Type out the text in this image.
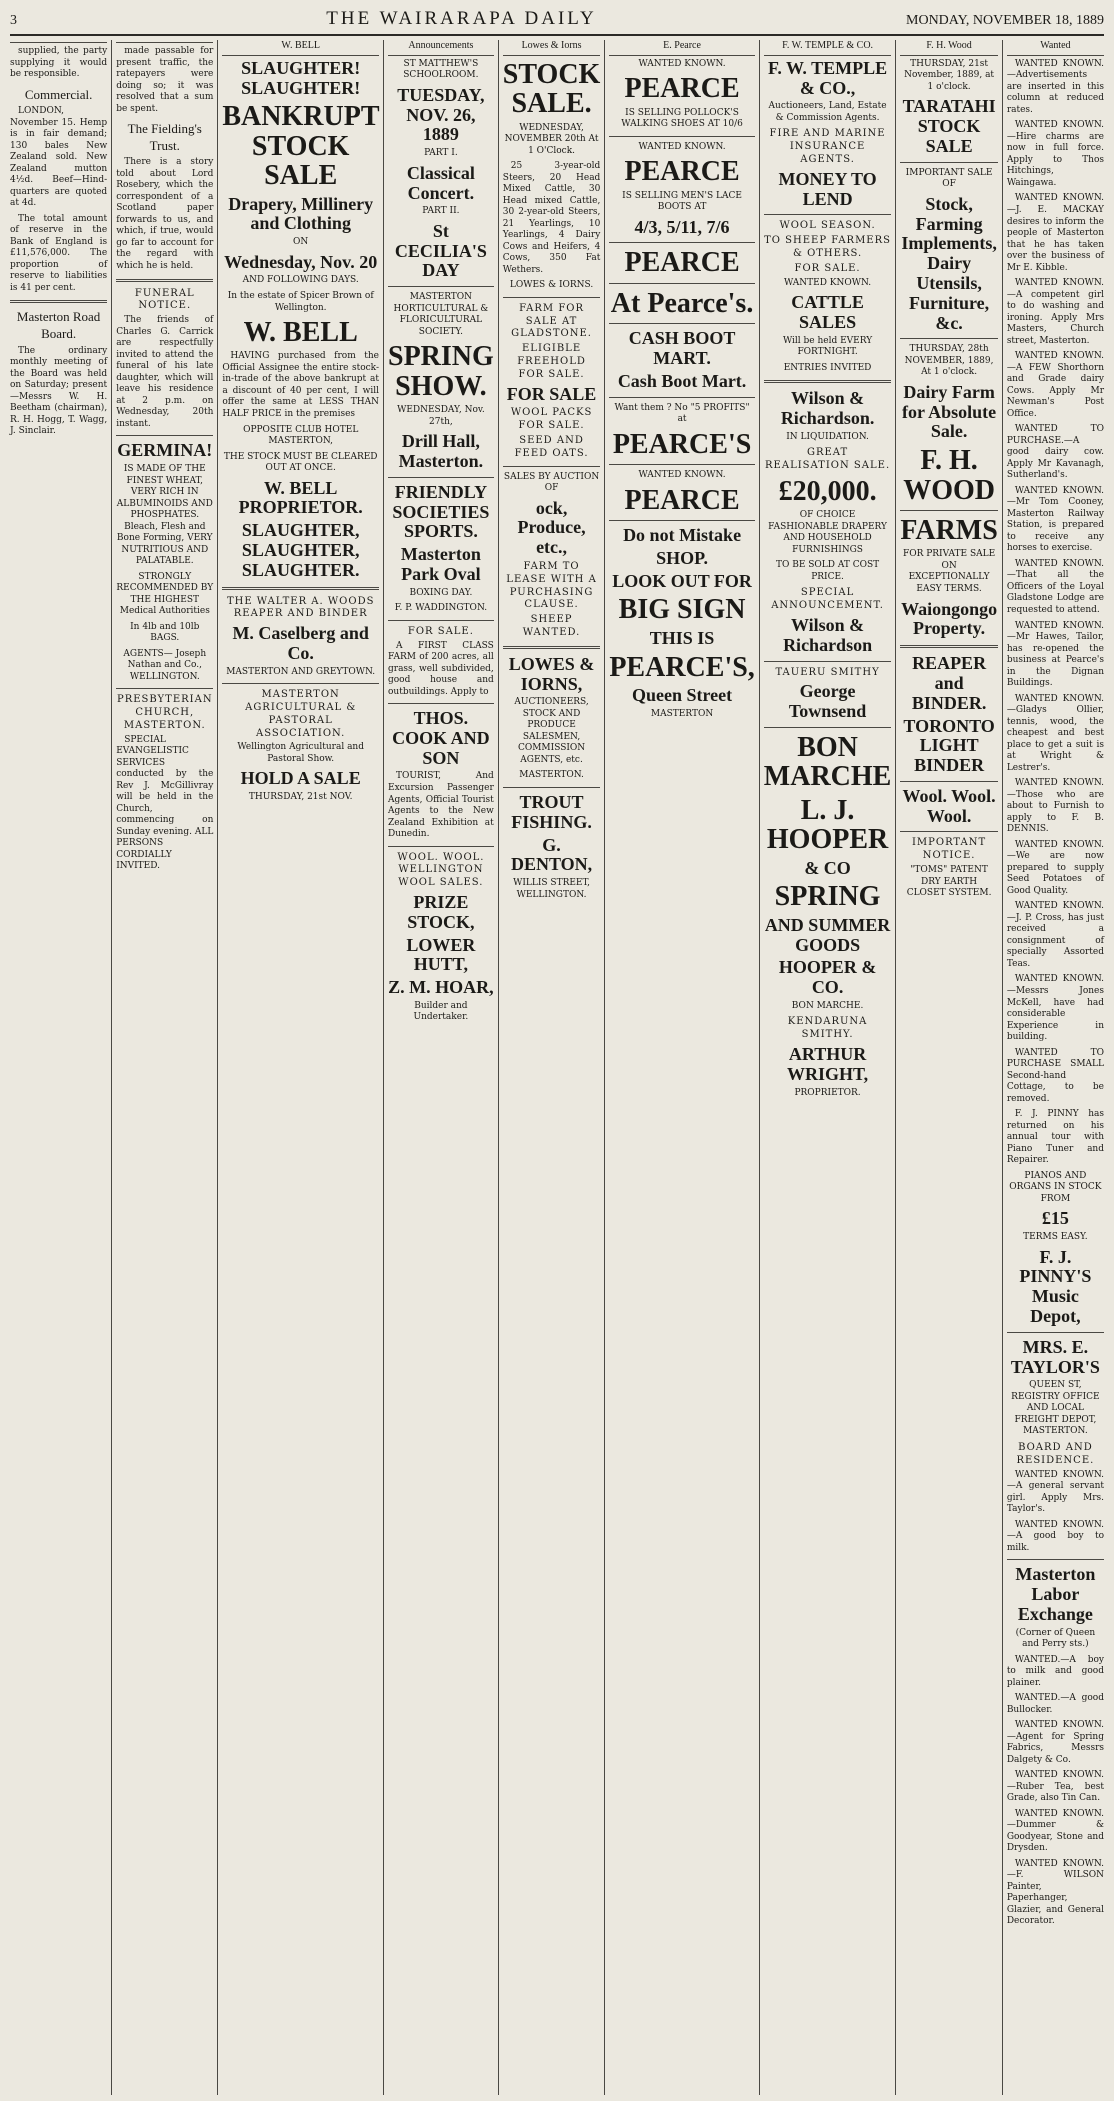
3	THE WAIRARAPA DAILY	MONDAY, NOVEMBER 18, 1889

supplied, the party supplying it would be responsible.

Commercial.

LONDON, November 15. Hemp is in fair demand; 130 bales New Zealand sold. New Zealand mutton 4½d. Beef—Hind-quarters are quoted at 4d.

The total amount of reserve in the Bank of England is £11,576,000. The proportion of reserve to liabilities is 41 per cent.

Masterton Road Board.

The ordinary monthly meeting of the Board was held on Saturday; present—Messrs W. H. Beetham (chairman), R. H. Hogg, T. Wagg, J. Sinclair.

made passable for present traffic, the ratepayers were doing so; it was resolved that a sum be spent.

The Fielding's Trust.

There is a story told about Lord Rosebery, which the correspondent of a Scotland paper forwards to us, and which, if true, would go far to account for the regard with which he is held.

FUNERAL NOTICE.

The friends of Charles G. Carrick are respectfully invited to attend the funeral of his late daughter, which will leave his residence at 2 p.m. on Wednesday, 20th instant.

GERMINA!

IS MADE OF THE FINEST WHEAT, VERY RICH IN ALBUMINOIDS AND PHOSPHATES. Bleach, Flesh and Bone Forming, VERY NUTRITIOUS AND PALATABLE.

STRONGLY RECOMMENDED BY THE HIGHEST Medical Authorities

In 4lb and 10lb BAGS.

AGENTS— Joseph Nathan and Co., WELLINGTON.

PRESBYTERIAN CHURCH, MASTERTON.

SPECIAL EVANGELISTIC SERVICES conducted by the Rev J. McGillivray will be held in the Church, commencing on Sunday evening. ALL PERSONS CORDIALLY INVITED.

W. BELL
SLAUGHTER! SLAUGHTER!
BANKRUPT STOCK SALE
Drapery, Millinery and Clothing

ON

Wednesday, Nov. 20

AND FOLLOWING DAYS.

In the estate of Spicer Brown of Wellington.

W. BELL

HAVING purchased from the Official Assignee the entire stock-in-trade of the above bankrupt at a discount of 40 per cent, I will offer the same at LESS THAN HALF PRICE in the premises

OPPOSITE CLUB HOTEL MASTERTON,

THE STOCK MUST BE CLEARED OUT AT ONCE.

W. BELL PROPRIETOR.
SLAUGHTER, SLAUGHTER, SLAUGHTER.
THE WALTER A. WOODS REAPER AND BINDER
M. Caselberg and Co.

MASTERTON AND GREYTOWN.

MASTERTON AGRICULTURAL & PASTORAL ASSOCIATION.

Wellington Agricultural and Pastoral Show.

HOLD A SALE

THURSDAY, 21st NOV.

Announcements

ST MATTHEW'S SCHOOLROOM.

TUESDAY, NOV. 26, 1889

PART I.

Classical Concert.

PART II.

St CECILIA'S DAY

MASTERTON HORTICULTURAL & FLORICULTURAL SOCIETY.

SPRING SHOW.

WEDNESDAY, Nov. 27th,

Drill Hall, Masterton.
FRIENDLY SOCIETIES SPORTS.
Masterton Park Oval

BOXING DAY.

F. P. WADDINGTON.

FOR SALE.

A FIRST CLASS FARM of 200 acres, all grass, well subdivided, good house and outbuildings. Apply to

THOS. COOK AND SON

TOURIST, And Excursion Passenger Agents, Official Tourist Agents to the New Zealand Exhibition at Dunedin.

WOOL. WOOL. WELLINGTON WOOL SALES.
PRIZE STOCK,
LOWER HUTT,
Z. M. HOAR,

Builder and Undertaker.

Lowes & Iorns
STOCK SALE.

WEDNESDAY, NOVEMBER 20th At 1 O'Clock.

25 3-year-old Steers, 20 Head Mixed Cattle, 30 Head mixed Cattle, 30 2-year-old Steers, 21 Yearlings, 10 Yearlings, 4 Dairy Cows and Heifers, 4 Cows, 350 Fat Wethers.

LOWES & IORNS.

FARM FOR SALE AT GLADSTONE.
ELIGIBLE FREEHOLD FOR SALE.
FOR SALE
WOOL PACKS FOR SALE.
SEED AND FEED OATS.

SALES BY AUCTION OF

ock, Produce, etc.,
FARM TO LEASE WITH A PURCHASING CLAUSE.
SHEEP WANTED.
LOWES & IORNS,

AUCTIONEERS, STOCK AND PRODUCE SALESMEN, COMMISSION AGENTS, etc.

MASTERTON.

TROUT FISHING.
G. DENTON,

WILLIS STREET, WELLINGTON.

E. Pearce

WANTED KNOWN.

PEARCE

IS SELLING POLLOCK'S WALKING SHOES AT 10/6

WANTED KNOWN.

PEARCE

IS SELLING MEN'S LACE BOOTS AT

4/3, 5/11, 7/6
PEARCE
At Pearce's.
CASH BOOT MART.
Cash Boot Mart.

Want them ? No "5 PROFITS" at

PEARCE'S

WANTED KNOWN.

PEARCE
Do not Mistake
SHOP.
LOOK OUT FOR
BIG SIGN
THIS IS
PEARCE'S,
Queen Street

MASTERTON

F. W. TEMPLE & CO.
F. W. TEMPLE & CO.,

Auctioneers, Land, Estate & Commission Agents.

FIRE AND MARINE INSURANCE AGENTS.
MONEY TO LEND
WOOL SEASON.
TO SHEEP FARMERS & OTHERS.
FOR SALE.

WANTED KNOWN.

CATTLE SALES

Will be held EVERY FORTNIGHT.

ENTRIES INVITED

Wilson & Richardson.

IN LIQUIDATION.

GREAT REALISATION SALE.
£20,000.

OF CHOICE FASHIONABLE DRAPERY AND HOUSEHOLD FURNISHINGS

TO BE SOLD AT COST PRICE.

SPECIAL ANNOUNCEMENT.
Wilson & Richardson
TAUERU SMITHY
George Townsend
BON MARCHE
L. J. HOOPER
& CO
SPRING
AND SUMMER GOODS
HOOPER & CO.

BON MARCHE.

KENDARUNA SMITHY.
ARTHUR WRIGHT,

PROPRIETOR.

F. H. Wood

THURSDAY, 21st November, 1889, at 1 o'clock.

TARATAHI STOCK SALE

IMPORTANT SALE OF

Stock, Farming Implements, Dairy Utensils, Furniture, &c.

THURSDAY, 28th NOVEMBER, 1889, At 1 o'clock.

Dairy Farm for Absolute Sale.
F. H. WOOD
FARMS

FOR PRIVATE SALE ON EXCEPTIONALLY EASY TERMS.

Waiongongo Property.
REAPER and BINDER.
TORONTO LIGHT BINDER
Wool. Wool. Wool.
IMPORTANT NOTICE.

"TOMS" PATENT DRY EARTH CLOSET SYSTEM.

Wanted

WANTED KNOWN.—Advertisements are inserted in this column at reduced rates.

WANTED KNOWN.—Hire charms are now in full force. Apply to Thos Hitchings, Waingawa.

WANTED KNOWN.—J. E. MACKAY desires to inform the people of Masterton that he has taken over the business of Mr E. Kibble.

WANTED KNOWN.—A competent girl to do washing and ironing. Apply Mrs Masters, Church street, Masterton.

WANTED KNOWN.—A FEW Shorthorn and Grade dairy Cows. Apply Mr Newman's Post Office.

WANTED TO PURCHASE.—A good dairy cow. Apply Mr Kavanagh, Sutherland's.

WANTED KNOWN.—Mr Tom Cooney, Masterton Railway Station, is prepared to receive any horses to exercise.

WANTED KNOWN.—That all the Officers of the Loyal Gladstone Lodge are requested to attend.

WANTED KNOWN.—Mr Hawes, Tailor, has re-opened the business at Pearce's in the Dignan Buildings.

WANTED KNOWN.—Gladys Ollier, tennis, wood, the cheapest and best place to get a suit is at Wright & Lestrer's.

WANTED KNOWN.—Those who are about to Furnish to apply to F. B. DENNIS.

WANTED KNOWN.—We are now prepared to supply Seed Potatoes of Good Quality.

WANTED KNOWN.—J. P. Cross, has just received a consignment of specially Assorted Teas.

WANTED KNOWN.—Messrs Jones McKell, have had considerable Experience in building.

WANTED TO PURCHASE SMALL Second-hand Cottage, to be removed.

F. J. PINNY has returned on his annual tour with Piano Tuner and Repairer.

PIANOS AND ORGANS IN STOCK FROM

£15

TERMS EASY.

F. J. PINNY'S Music Depot,
MRS. E. TAYLOR'S

QUEEN ST, REGISTRY OFFICE AND LOCAL FREIGHT DEPOT, MASTERTON.

BOARD AND RESIDENCE.

WANTED KNOWN.—A general servant girl. Apply Mrs. Taylor's.

WANTED KNOWN.—A good boy to milk.

Masterton Labor Exchange

(Corner of Queen and Perry sts.)

WANTED.—A boy to milk and good plainer.

WANTED.—A good Bullocker.

WANTED KNOWN.—Agent for Spring Fabrics, Messrs Dalgety & Co.

WANTED KNOWN.—Ruber Tea, best Grade, also Tin Can.

WANTED KNOWN.—Dummer & Goodyear, Stone and Drysden.

WANTED KNOWN.—F. WILSON Painter, Paperhanger, Glazier, and General Decorator.
